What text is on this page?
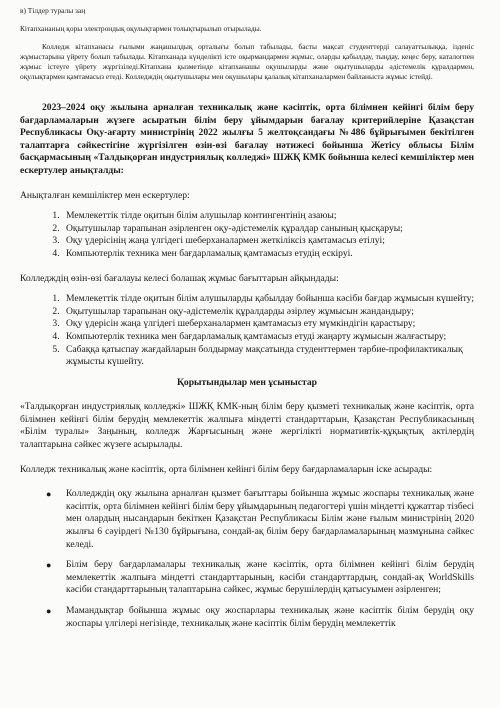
в) Тілдер туралы заң

Кітапхананың қоры электрондық оқулықтармен толықтырылып отырылады.

Колледж кітапханасы ғылыми жаңашылдық орталығы болып табылады, басты мақсат студенттерді салауаттылыққа, ізденіс жұмыстарына үйрету болып табылады. Кітапханада күнделікті істе оқырмандармен жұмыс, оларды қабылдау, тыңдау, кеңес беру, каталогпен жұмыс істеуге үйрету жұргізіледі.Кітапхана қызметінде кітапханашы оқушыларды және оқытушыларды әдістемелік құралдармен, оқулықтармен қамтамасыз етеді. Колледждің оқытушылары мен оқушылары қалалық кітапханалармен байланыста жұмыс істейді.

2023–2024 оқу жылына арналған техникалық және кәсіптік, орта білімнен кейінгі білім беру бағдарламаларын жүзеге асыратын білім беру ұйымдарын бағалау критерийлеріне Қазақстан Республикасы Оқу-ағарту министрінің 2022 жылғы 5 желтоқсандағы №486 бұйрығымен бекітілген талаптарға сәйкестігіне жүргізілген өзін-өзі бағалау нәтижесі бойынша Жетісу облысы Білім басқармасының «Талдықорған индустриялық колледжі» ШЖҚ КМК бойынша келесі кемшіліктер мен ескертулер анықталды:

Анықталған кемшіліктер мен ескертулер:

1. Мемлекеттік тілде оқитын білім алушылар контингентінің азаюы;
2. Оқытушылар тарапынан әзірленген оқу-әдістемелік құралдар санының қысқаруы;
3. Оқу үдерісінің жаңа үлгідегі шеберханалармен жеткіліксіз қамтамасыз етілуі;
4. Компьютерлік техника мен бағдарламалық қамтамасыз етудің ескіруі.

Колледждің өзін-өзі бағалауы келесі болашақ жұмыс бағыттарын айқындады:

1. Мемлекеттік тілде оқитын білім алушыларды қабылдау бойынша кәсіби бағдар жұмысын күшейту;
2. Оқытушылар тарапынан оқу-әдістемелік құралдарды әзірлеу жұмысын жандандыру;
3. Оқу үдерісін жаңа үлгідегі шеберханалармен қамтамасыз ету мүмкіндігін қарастыру;
4. Компьютерлік техника мен бағдарламалық қамтамасыз етуді жаңарту жұмысын жалғастыру;
5. Сабаққа қатыспау жағдайларын болдырмау мақсатында студенттермен тәрбие-профилактикалық жұмысты күшейту.

Қорытындылар мен ұсыныстар

«Талдықорған индустриялық колледжі» ШЖҚ КМК-ның білім беру қызметі техникалық және кәсіптік, орта білімнен кейінгі білім берудің мемлекеттік жалпыға міндетті стандарттарын, Қазақстан Республикасының «Білім туралы» Заңының, колледж Жарғысының және жергілікті нормативтік-құқықтық актілердің талаптарына сәйкес жүзеге асырылады.

Колледж техникалық және кәсіптік, орта білімнен кейінгі білім беру бағдарламаларын іске асырады:

● Колледждің оқу жылына арналған қызмет бағыттары бойынша жұмыс жоспары техникалық және кәсіптік, орта білімнен кейінгі білім беру ұйымдарының педагогтері үшін міндетті құжаттар тізбесі мен олардың нысандарын бекіткен Қазақстан Республикасы Білім және ғылым министрінің 2020 жылғы 6 сәуірдегі №130 бұйрығына, сондай-ақ білім беру бағдарламаларының мазмұнына сәйкес келеді.
● Білім беру бағдарламалары техникалық және кәсіптік, орта білімнен кейінгі білім берудің мемлекеттік жалпыға міндетті стандарттарының, кәсіби стандарттардың, сондай-ақ WorldSkills кәсіби стандарттарының талаптарына сәйкес, жұмыс берушілердің қатысуымен әзірленген;
● Мамандықтар бойынша жұмыс оқу жоспарлары техникалық және кәсіптік білім берудің оқу жоспары үлгілері негізінде, техникалық және кәсіптік білім берудің мемлекеттік
